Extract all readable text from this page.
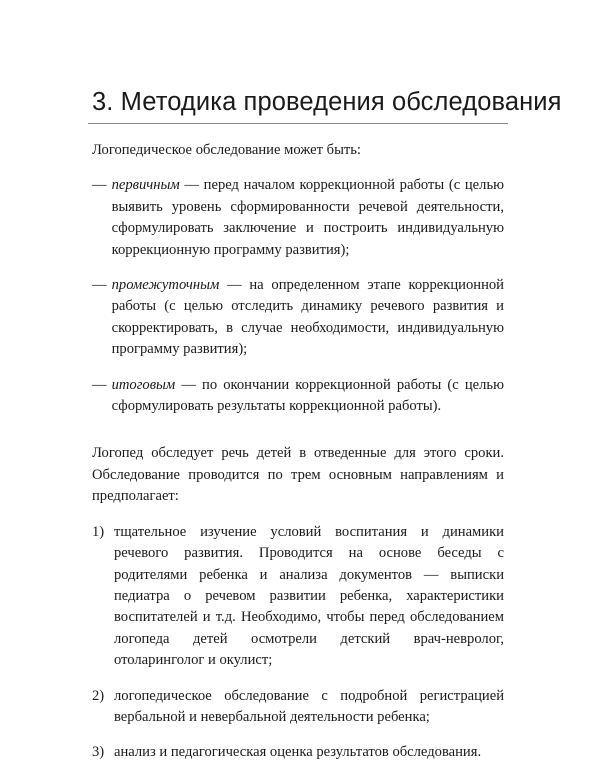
3. Методика проведения обследования

Логопедическое обследование может быть:

— первичным — перед началом коррекционной работы (с целью выявить уровень сформированности речевой деятельности, сформулировать заключение и построить индивидуальную коррекционную программу развития);
— промежуточным — на определенном этапе коррекционной работы (с целью отследить динамику речевого развития и скорректировать, в случае необходимости, индивидуальную программу развития);
— итоговым — по окончании коррекционной работы (с целью сформулировать результаты коррекционной работы).

Логопед обследует речь детей в отведенные для этого сроки. Обследование проводится по трем основным направлениям и предполагает:

1) тщательное изучение условий воспитания и динамики речевого развития. Проводится на основе беседы с родителями ребенка и анализа документов — выписки педиатра о речевом развитии ребенка, характеристики воспитателей и т.д. Необходимо, чтобы перед обследованием логопеда детей осмотрели детский врач-невролог, отоларинголог и окулист;
2) логопедическое обследование с подробной регистрацией вербальной и невербальной деятельности ребенка;
3) анализ и педагогическая оценка результатов обследования.
